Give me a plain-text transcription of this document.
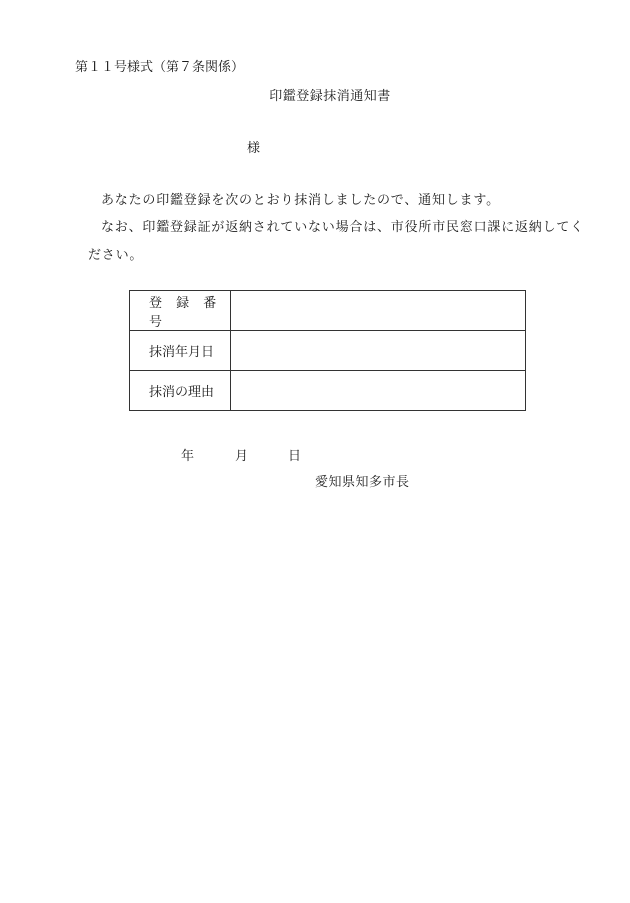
第１１号様式（第７条関係）
印鑑登録抹消通知書
様
あなたの印鑑登録を次のとおり抹消しましたので、通知します。
なお、印鑑登録証が返納されていない場合は、市役所市民窓口課に返納してく
ださい。
登 録 番 号	
抹消年月日	
抹消の理由	
年	月	日
愛知県知多市長
